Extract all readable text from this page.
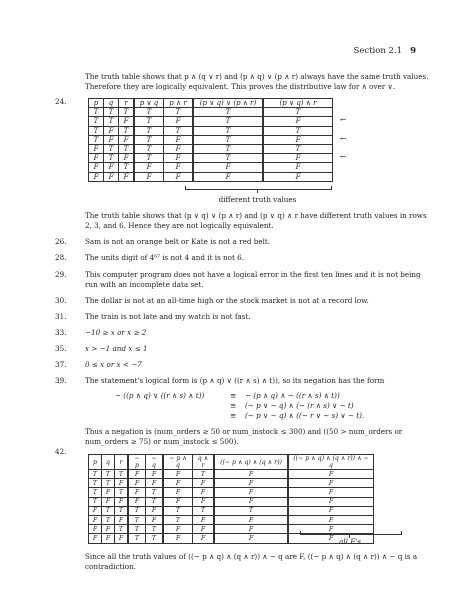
Section 2.1 9
The truth table shows that p ∧ (q ∨ r) and (p ∧ q) ∨ (p ∧ r) always have the same truth values.
Therefore they are logically equivalent. This proves the distributive law for ∧ over ∨.
24.	p	q	r	p ∨ q	p ∧ r	(p ∨ q) ∨ (p ∧ r)	(p ∨ q) ∧ r
T	T	T	T	T	T	T
T	T	F	T	F	T	F
T	F	T	T	T	T	T
T	F	F	T	F	T	F
F	T	T	T	F	T	T
F	T	F	T	F	T	F
F	F	T	F	F	F	F
F	F	F	F	F	F	F
←
←
←
different truth values
The truth table shows that (p ∨ q) ∨ (p ∧ r) and (p ∨ q) ∧ r have different truth values in rows
2, 3, and 6. Hence they are not logically equivalent.
26.	Sam is not an orange belt or Kate is not a red belt.
28.	The units digit of 4⁶⁷ is not 4 and it is not 6.
29.	This computer program does not have a logical error in the first ten lines and it is not being
run with an incomplete data set.
30.	The dollar is not at an all-time high or the stock market is not at a record low.
31.	The train is not late and my watch is not fast.
33.	−10 ≥ x or x ≥ 2
35.	x > −1 and x ≤ 1
37.	0 ≤ x or x < −7
39.	The statement's logical form is (p ∧ q) ∨ ((r ∧ s) ∧ t)), so its negation has the form
∼ ((p ∧ q) ∨ ((r ∧ s) ∧ t))	≡ ∼ (p ∧ q) ∧ ∼ ((r ∧ s) ∧ t))
≡ (∼ p ∨ ∼ q) ∧ (∼ (r ∧ s) ∨ ∼ t)
≡ (∼ p ∨ ∼ q) ∧ ((∼ r ∨ ∼ s) ∨ ∼ t).
Thus a negation is (num_orders ≥ 50 or num_instock ≤ 300) and ((50 > num_orders or
num_orders ≥ 75) or num_instock ≤ 500).
42.
p	q	r	∼ p	∼ q	∼ p ∧ q	q ∧ r	((∼ p ∧ q) ∧ (q ∧ r))	((∼ p ∧ q) ∧ (q ∧ r)) ∧ ∼ q
T	T	T	F	F	F	T	F	F
T	T	F	F	F	F	F	F	F
T	F	T	F	T	F	F	F	F
T	F	F	F	T	F	F	F	F
F	T	T	T	F	T	T	T	F
F	T	F	T	F	T	F	F	F
F	F	T	T	T	F	F	F	F
F	F	F	T	T	F	F	F	F all F's
Since all the truth values of ((∼ p ∧ q) ∧ (q ∧ r)) ∧ ∼ q are F, ((∼ p ∧ q) ∧ (q ∧ r)) ∧ ∼ q is a
contradiction.
